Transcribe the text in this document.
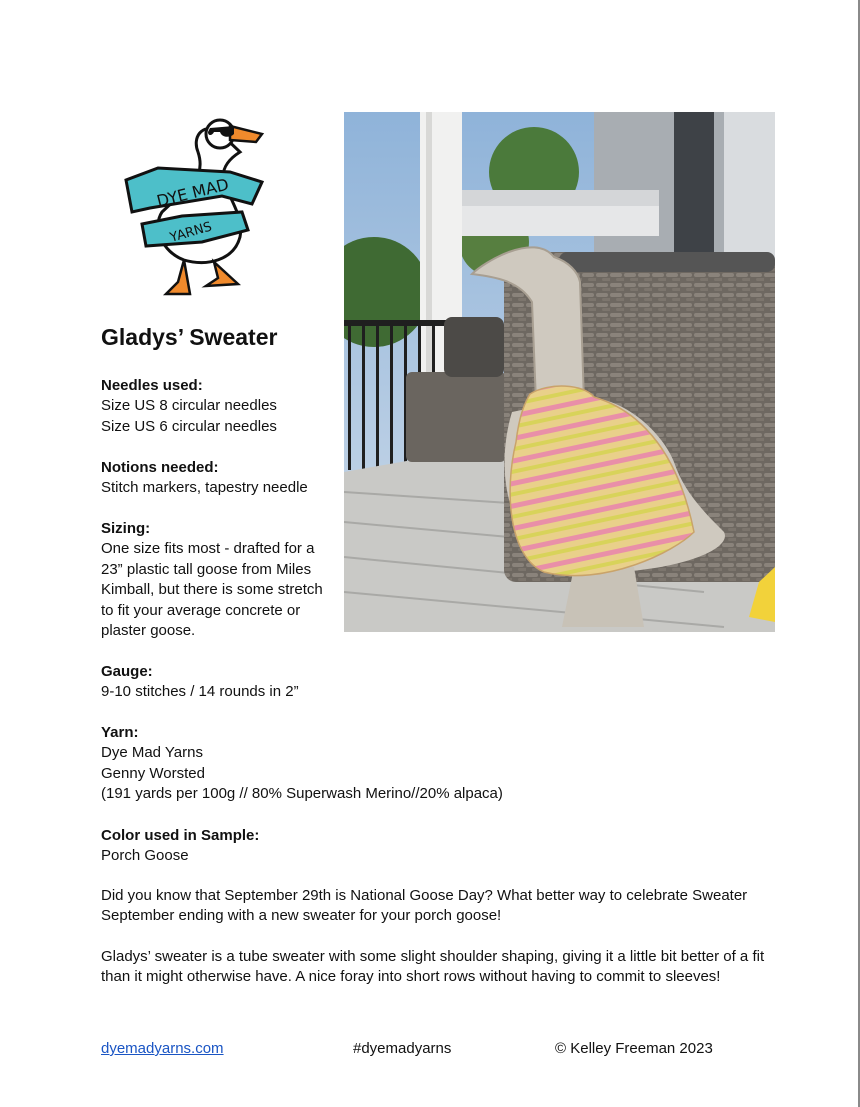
DYE MAD
YARNS
Gladys’ Sweater
Needles used:
Size US 8 circular needles
Size US 6 circular needles
Notions needed:
Stitch markers, tapestry needle
Sizing:
One size fits most - drafted for a
23” plastic tall goose from Miles
Kimball, but there is some stretch
to fit your average concrete or
plaster goose.
Gauge:
9-10 stitches / 14 rounds in 2”
Yarn:
Dye Mad Yarns
Genny Worsted
(191 yards per 100g // 80% Superwash Merino//20% alpaca)
Color used in Sample:
Porch Goose

Did you know that September 29th is National Goose Day? What better way to celebrate Sweater September ending with a new sweater for your porch goose!

Gladys’ sweater is a tube sweater with some slight shoulder shaping, giving it a little bit better of a fit than it might otherwise have. A nice foray into short rows without having to commit to sleeves!

dyemadyarns.com	#dyemadyarns	© Kelley Freeman 2023
